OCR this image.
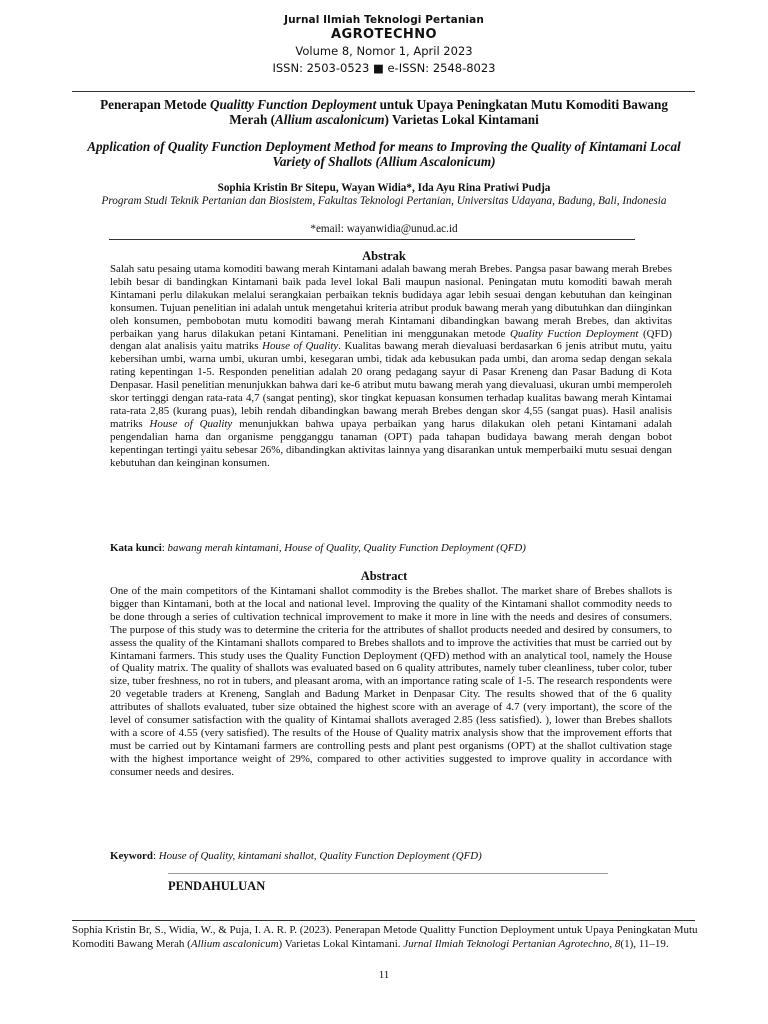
Jurnal Ilmiah Teknologi Pertanian
AGROTECHNO
Volume 8, Nomor 1, April 2023
ISSN: 2503-0523 ■ e-ISSN: 2548-8023
Penerapan Metode Qualitty Function Deployment untuk Upaya Peningkatan Mutu Komoditi Bawang Merah (Allium ascalonicum) Varietas Lokal Kintamani
Application of Quality Function Deployment Method for means to Improving the Quality of Kintamani Local Variety of Shallots (Allium Ascalonicum)
Sophia Kristin Br Sitepu, Wayan Widia*, Ida Ayu Rina Pratiwi Pudja
Program Studi Teknik Pertanian dan Biosistem, Fakultas Teknologi Pertanian, Universitas Udayana, Badung, Bali, Indonesia
*email: wayanwidia@unud.ac.id
Abstrak
Salah satu pesaing utama komoditi bawang merah Kintamani adalah bawang merah Brebes. Pangsa pasar bawang merah Brebes lebih besar di bandingkan Kintamani baik pada level lokal Bali maupun nasional. Peningatan mutu komoditi bawah merah Kintamani perlu dilakukan melalui serangkaian perbaikan teknis budidaya agar lebih sesuai dengan kebutuhan dan keinginan konsumen. Tujuan penelitian ini adalah untuk mengetahui kriteria atribut produk bawang merah yang dibutuhkan dan diinginkan oleh konsumen, pembobotan mutu komoditi bawang merah Kintamani dibandingkan bawang merah Brebes, dan aktivitas perbaikan yang harus dilakukan petani Kintamani. Penelitian ini menggunakan metode Quality Fuction Deployment (QFD) dengan alat analisis yaitu matriks House of Quality. Kualitas bawang merah dievaluasi berdasarkan 6 jenis atribut mutu, yaitu kebersihan umbi, warna umbi, ukuran umbi, kesegaran umbi, tidak ada kebusukan pada umbi, dan aroma sedap dengan sekala rating kepentingan 1-5. Responden penelitian adalah 20 orang pedagang sayur di Pasar Kreneng dan Pasar Badung di Kota Denpasar. Hasil penelitian menunjukkan bahwa dari ke-6 atribut mutu bawang merah yang dievaluasi, ukuran umbi memperoleh skor tertinggi dengan rata-rata 4,7 (sangat penting), skor tingkat kepuasan konsumen terhadap kualitas bawang merah Kintamai rata-rata 2,85 (kurang puas), lebih rendah dibandingkan bawang merah Brebes dengan skor 4,55 (sangat puas). Hasil analisis matriks House of Quality menunjukkan bahwa upaya perbaikan yang harus dilakukan oleh petani Kintamani adalah pengendalian hama dan organisme pengganggu tanaman (OPT) pada tahapan budidaya bawang merah dengan bobot kepentingan tertingi yaitu sebesar 26%, dibandingkan aktivitas lainnya yang disarankan untuk memperbaiki mutu sesuai dengan kebutuhan dan keinginan konsumen.
Kata kunci: bawang merah kintamani, House of Quality, Quality Function Deployment (QFD)
Abstract
One of the main competitors of the Kintamani shallot commodity is the Brebes shallot. The market share of Brebes shallots is bigger than Kintamani, both at the local and national level. Improving the quality of the Kintamani shallot commodity needs to be done through a series of cultivation technical improvement to make it more in line with the needs and desires of consumers. The purpose of this study was to determine the criteria for the attributes of shallot products needed and desired by consumers, to assess the quality of the Kintamani shallots compared to Brebes shallots and to improve the activities that must be carried out by Kintamani farmers. This study uses the Quality Function Deployment (QFD) method with an analytical tool, namely the House of Quality matrix. The quality of shallots was evaluated based on 6 quality attributes, namely tuber cleanliness, tuber color, tuber size, tuber freshness, no rot in tubers, and pleasant aroma, with an importance rating scale of 1-5. The research respondents were 20 vegetable traders at Kreneng, Sanglah and Badung Market in Denpasar City. The results showed that of the 6 quality attributes of shallots evaluated, tuber size obtained the highest score with an average of 4.7 (very important), the score of the level of consumer satisfaction with the quality of Kintamai shallots averaged 2.85 (less satisfied). ), lower than Brebes shallots with a score of 4.55 (very satisfied). The results of the House of Quality matrix analysis show that the improvement efforts that must be carried out by Kintamani farmers are controlling pests and plant pest organisms (OPT) at the shallot cultivation stage with the highest importance weight of 29%, compared to other activities suggested to improve quality in accordance with consumer needs and desires.
Keyword: House of Quality, kintamani shallot, Quality Function Deployment (QFD)
PENDAHULUAN
Sophia Kristin Br, S., Widia, W., & Puja, I. A. R. P. (2023). Penerapan Metode Qualitty Function Deployment untuk Upaya Peningkatan Mutu Komoditi Bawang Merah (Allium ascalonicum) Varietas Lokal Kintamani. Jurnal Ilmiah Teknologi Pertanian Agrotechno, 8(1), 11–19.
11
